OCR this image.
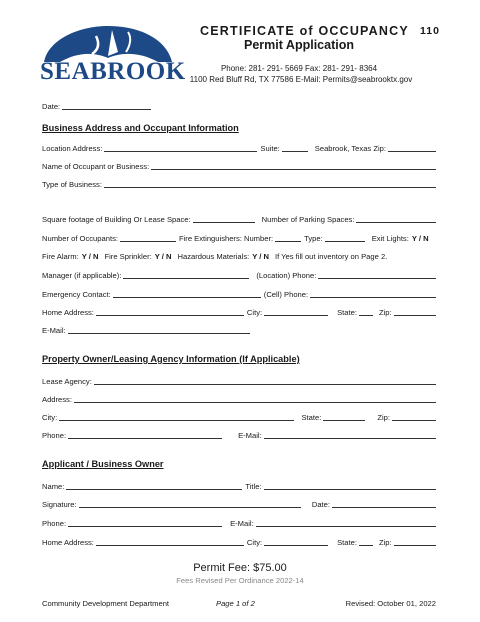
SEABROOK
CERTIFICATE of OCCUPANCY 110
Permit Application
Phone: 281- 291- 5669 Fax: 281- 291- 8364
1100 Red Bluff Rd, TX 77586 E-Mail: Permits@seabrooktx.gov
Date:
Business Address and Occupant Information
Location Address:	Suite:	Seabrook, Texas Zip:
Name of Occupant or Business:
Type of Business:
Square footage of Building Or Lease Space:	Number of Parking Spaces:
Number of Occupants:	Fire Extinguishers: Number:	Type:	Exit Lights: Y / N
Fire Alarm: Y / N Fire Sprinkler: Y / N Hazardous Materials: Y / N If Yes fill out inventory on Page 2.
Manager (if applicable):	(Location) Phone:
Emergency Contact:	(Cell) Phone:
Home Address:	City:	State:	Zip:
E-Mail:
Property Owner/Leasing Agency Information (If Applicable)
Lease Agency:
Address:
City:	State:	Zip:
Phone:	E-Mail:
Applicant / Business Owner
Name:	Title:
Signature:	Date:
Phone:	E-Mail:
Home Address:	City:	State:	Zip:
Permit Fee: $75.00
Fees Revised Per Ordinance 2022-14
Community Development Department	Page 1 of 2	Revised: October 01, 2022
